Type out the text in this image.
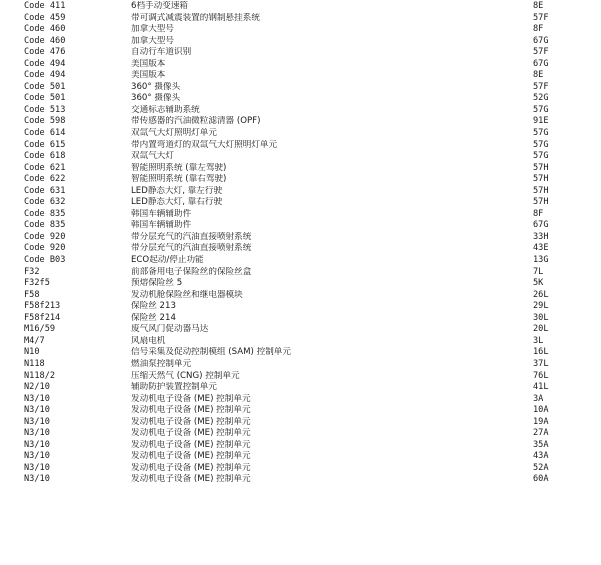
Code 411	6档手动变速箱	8E
Code 459	带可调式减震装置的钢制悬挂系统	57F
Code 460	加拿大型号	8F
Code 460	加拿大型号	67G
Code 476	自动行车道识别	57F
Code 494	美国版本	67G
Code 494	美国版本	8E
Code 501	360° 摄像头	57F
Code 501	360° 摄像头	52G
Code 513	交通标志辅助系统	57G
Code 598	带传感器的汽油微粒滤清器 (OPF)	91E
Code 614	双氙气大灯照明灯单元	57G
Code 615	带内置弯道灯的双氙气大灯照明灯单元	57G
Code 618	双氙气大灯	57G
Code 621	智能照明系统 (靠左驾驶)	57H
Code 622	智能照明系统 (靠右驾驶)	57H
Code 631	LED静态大灯, 靠左行驶	57H
Code 632	LED静态大灯, 靠右行驶	57H
Code 835	韩国车辆辅助件	8F
Code 835	韩国车辆辅助件	67G
Code 920	带分层充气的汽油直接喷射系统	33H
Code 920	带分层充气的汽油直接喷射系统	43E
Code B03	ECO起动/停止功能	13G
F32	前部备用电子保险丝的保险丝盒	7L
F32f5	预熔保险丝 5	5K
F58	发动机舱保险丝和继电器模块	26L
F58f213	保险丝 213	29L
F58f214	保险丝 214	30L
M16/59	废气风门促动器马达	20L
M4/7	风扇电机	3L
N10	信号采集及促动控制模组 (SAM) 控制单元	16L
N118	燃油泵控制单元	37L
N118/2	压缩天然气 (CNG) 控制单元	76L
N2/10	辅助防护装置控制单元	41L
N3/10	发动机电子设备 (ME) 控制单元	3A
N3/10	发动机电子设备 (ME) 控制单元	10A
N3/10	发动机电子设备 (ME) 控制单元	19A
N3/10	发动机电子设备 (ME) 控制单元	27A
N3/10	发动机电子设备 (ME) 控制单元	35A
N3/10	发动机电子设备 (ME) 控制单元	43A
N3/10	发动机电子设备 (ME) 控制单元	52A
N3/10	发动机电子设备 (ME) 控制单元	60A
